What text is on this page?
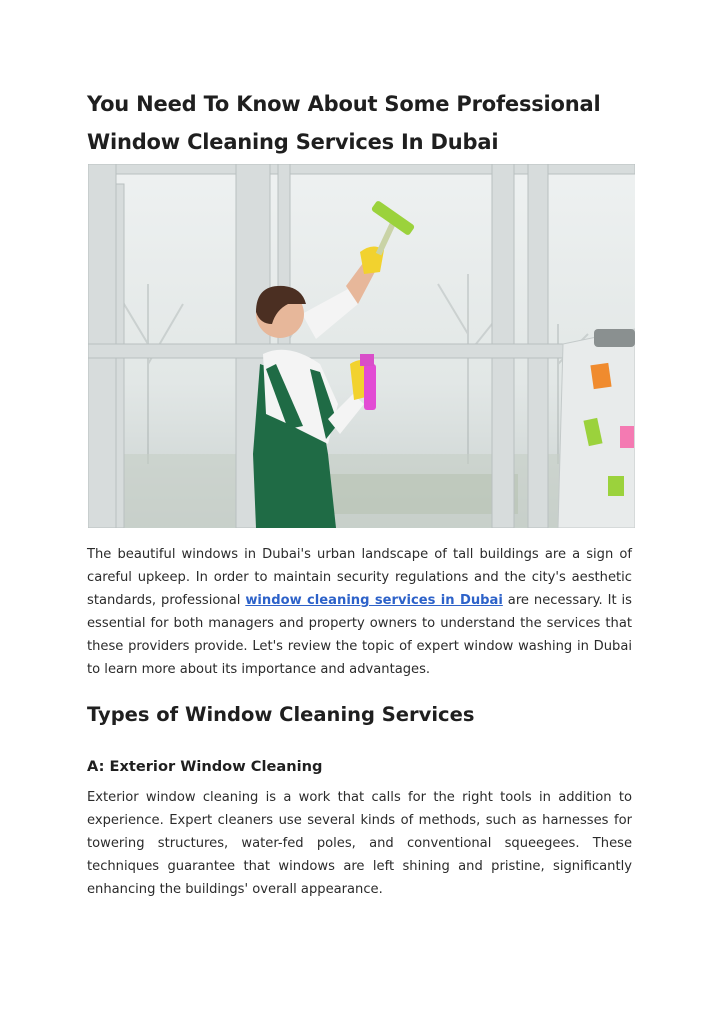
You Need To Know About Some Professional
Window Cleaning Services In Dubai

The beautiful windows in Dubai's urban landscape of tall buildings are a sign of careful upkeep. In order to maintain security regulations and the city's aesthetic standards, professional window cleaning services in Dubai are necessary. It is essential for both managers and property owners to understand the services that these providers provide. Let's review the topic of expert window washing in Dubai to learn more about its importance and advantages.

Types of Window Cleaning Services
A: Exterior Window Cleaning

Exterior window cleaning is a work that calls for the right tools in addition to experience. Expert cleaners use several kinds of methods, such as harnesses for towering structures, water-fed poles, and conventional squeegees. These techniques guarantee that windows are left shining and pristine, significantly enhancing the buildings' overall appearance.
